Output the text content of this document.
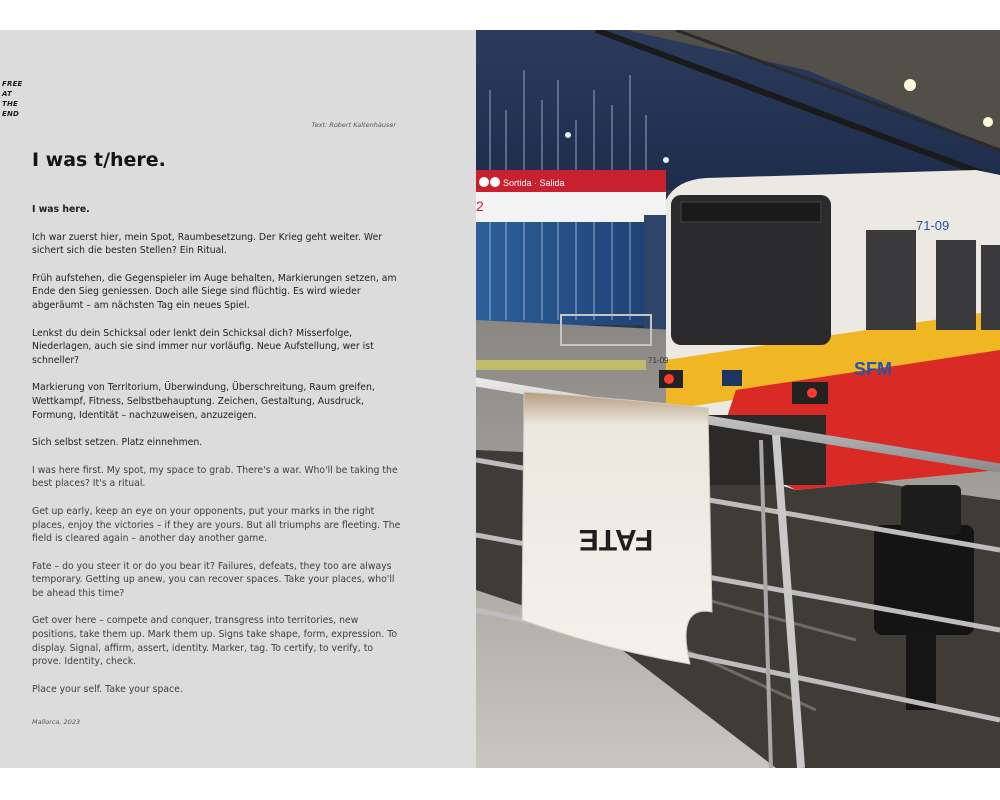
FREE
AT
THE
END
Text: Robert Kaltenhäuser
I was t/here.

I was here.

Ich war zuerst hier, mein Spot, Raumbesetzung. Der Krieg geht weiter. Wer sichert sich die besten Stellen? Ein Ritual.

Früh aufstehen, die Gegenspieler im Auge behalten, Markierungen setzen, am Ende den Sieg geniessen. Doch alle Siege sind flüchtig. Es wird wieder abgeräumt – am nächsten Tag ein neues Spiel.

Lenkst du dein Schicksal oder lenkt dein Schicksal dich? Misserfolge, Niederlagen, auch sie sind immer nur vorläufig. Neue Aufstellung, wer ist schneller?

Markierung von Territorium, Überwindung, Überschreitung, Raum greifen, Wettkampf, Fitness, Selbstbehauptung. Zeichen, Gestaltung, Ausdruck, Formung, Identität – nachzuweisen, anzuzeigen.

Sich selbst setzen. Platz einnehmen.

I was here first. My spot, my space to grab. There's a war. Who'll be taking the best places? It's a ritual.

Get up early, keep an eye on your opponents, put your marks in the right places, enjoy the victories – if they are yours. But all triumphs are fleeting. The field is cleared again – another day another game.

Fate – do you steer it or do you bear it? Failures, defeats, they too are always temporary. Getting up anew, you can recover spaces. Take your places, who'll be ahead this time?

Get over here – compete and conquer, transgress into territories, new positions, take them up. Mark them up. Signs take shape, form, expression. To display. Signal, affirm, assert, identity. Marker, tag. To certify, to verify, to prove. Identity, check.

Place your self. Take your space.

Mallorca, 2023
Sortida · Salida
2
71-09
71-09	SFM
FATE
